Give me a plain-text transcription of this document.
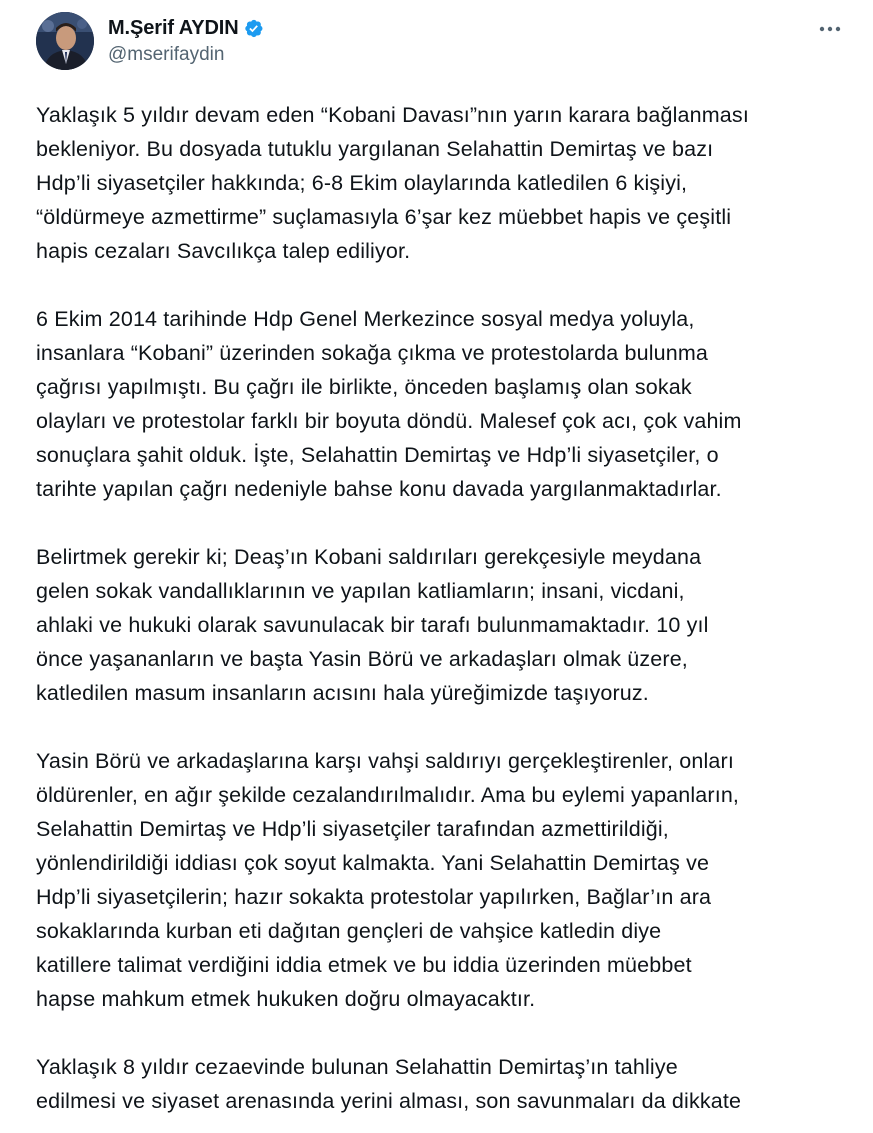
M.Şerif AYDIN
@mserifaydin

Yaklaşık 5 yıldır devam eden “Kobani Davası”nın yarın karara bağlanması
bekleniyor. Bu dosyada tutuklu yargılanan Selahattin Demirtaş ve bazı
Hdp’li siyasetçiler hakkında; 6-8 Ekim olaylarında katledilen 6 kişiyi,
“öldürmeye azmettirme” suçlamasıyla 6’şar kez müebbet hapis ve çeşitli
hapis cezaları Savcılıkça talep ediliyor.

6 Ekim 2014 tarihinde Hdp Genel Merkezince sosyal medya yoluyla,
insanlara “Kobani” üzerinden sokağa çıkma ve protestolarda bulunma
çağrısı yapılmıştı. Bu çağrı ile birlikte, önceden başlamış olan sokak
olayları ve protestolar farklı bir boyuta döndü. Malesef çok acı, çok vahim
sonuçlara şahit olduk. İşte, Selahattin Demirtaş ve Hdp’li siyasetçiler, o
tarihte yapılan çağrı nedeniyle bahse konu davada yargılanmaktadırlar.

Belirtmek gerekir ki; Deaş’ın Kobani saldırıları gerekçesiyle meydana
gelen sokak vandallıklarının ve yapılan katliamların; insani, vicdani,
ahlaki ve hukuki olarak savunulacak bir tarafı bulunmamaktadır. 10 yıl
önce yaşananların ve başta Yasin Börü ve arkadaşları olmak üzere,
katledilen masum insanların acısını hala yüreğimizde taşıyoruz.

Yasin Börü ve arkadaşlarına karşı vahşi saldırıyı gerçekleştirenler, onları
öldürenler, en ağır şekilde cezalandırılmalıdır. Ama bu eylemi yapanların,
Selahattin Demirtaş ve Hdp’li siyasetçiler tarafından azmettirildiği,
yönlendirildiği iddiası çok soyut kalmakta. Yani Selahattin Demirtaş ve
Hdp’li siyasetçilerin; hazır sokakta protestolar yapılırken, Bağlar’ın ara
sokaklarında kurban eti dağıtan gençleri de vahşice katledin diye
katillere talimat verdiğini iddia etmek ve bu iddia üzerinden müebbet
hapse mahkum etmek hukuken doğru olmayacaktır.

Yaklaşık 8 yıldır cezaevinde bulunan Selahattin Demirtaş’ın tahliye
edilmesi ve siyaset arenasında yerini alması, son savunmaları da dikkate
